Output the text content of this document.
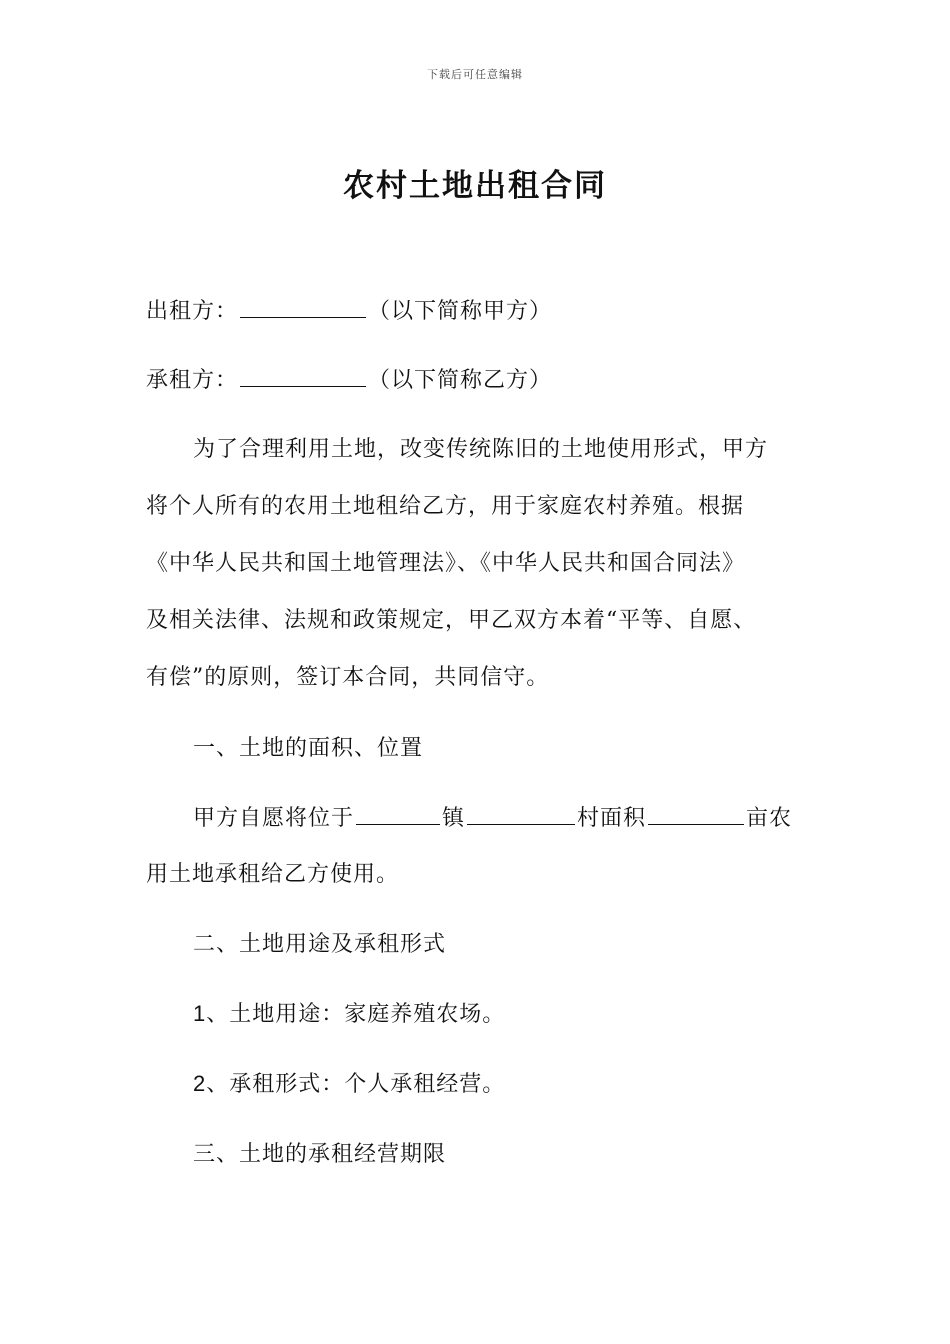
下载后可任意编辑
农村土地出租合同
出租方：	（以下简称甲方）
承租方：	（以下简称乙方）
为了合理利用土地，改变传统陈旧的土地使用形式，甲方
将个人所有的农用土地租给乙方，用于家庭农村养殖。根据
《中华人民共和国土地管理法》、《中华人民共和国合同法》
及相关法律、法规和政策规定，甲乙双方本着“平等、自愿、
有偿”的原则，签订本合同，共同信守。
一、土地的面积、位置
甲方自愿将位于	镇	村面积	亩农
用土地承租给乙方使用。
二、土地用途及承租形式
1、土地用途：家庭养殖农场。
2、承租形式：个人承租经营。
三、土地的承租经营期限
